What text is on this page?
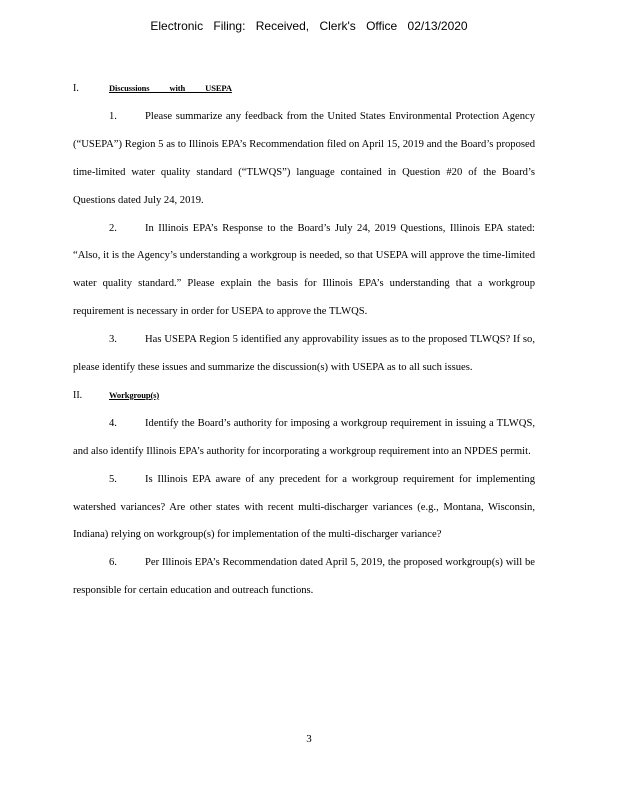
Electronic Filing: Received, Clerk's Office 02/13/2020
I.	Discussions with USEPA

1.	Please summarize any feedback from the United States Environmental Protection Agency (“USEPA”) Region 5 as to Illinois EPA’s Recommendation filed on April 15, 2019 and the Board’s proposed time-limited water quality standard (“TLWQS”) language contained in Question #20 of the Board’s Questions dated July 24, 2019.

2.	In Illinois EPA’s Response to the Board’s July 24, 2019 Questions, Illinois EPA stated: “Also, it is the Agency’s understanding a workgroup is needed, so that USEPA will approve the time-limited water quality standard.” Please explain the basis for Illinois EPA’s understanding that a workgroup requirement is necessary in order for USEPA to approve the TLWQS.

3.	Has USEPA Region 5 identified any approvability issues as to the proposed TLWQS? If so, please identify these issues and summarize the discussion(s) with USEPA as to all such issues.

II.	Workgroup(s)

4.	Identify the Board’s authority for imposing a workgroup requirement in issuing a TLWQS, and also identify Illinois EPA’s authority for incorporating a workgroup requirement into an NPDES permit.

5.	Is Illinois EPA aware of any precedent for a workgroup requirement for implementing watershed variances? Are other states with recent multi-discharger variances (e.g., Montana, Wisconsin, Indiana) relying on workgroup(s) for implementation of the multi-discharger variance?

6.	Per Illinois EPA’s Recommendation dated April 5, 2019, the proposed workgroup(s) will be responsible for certain education and outreach functions.

3
